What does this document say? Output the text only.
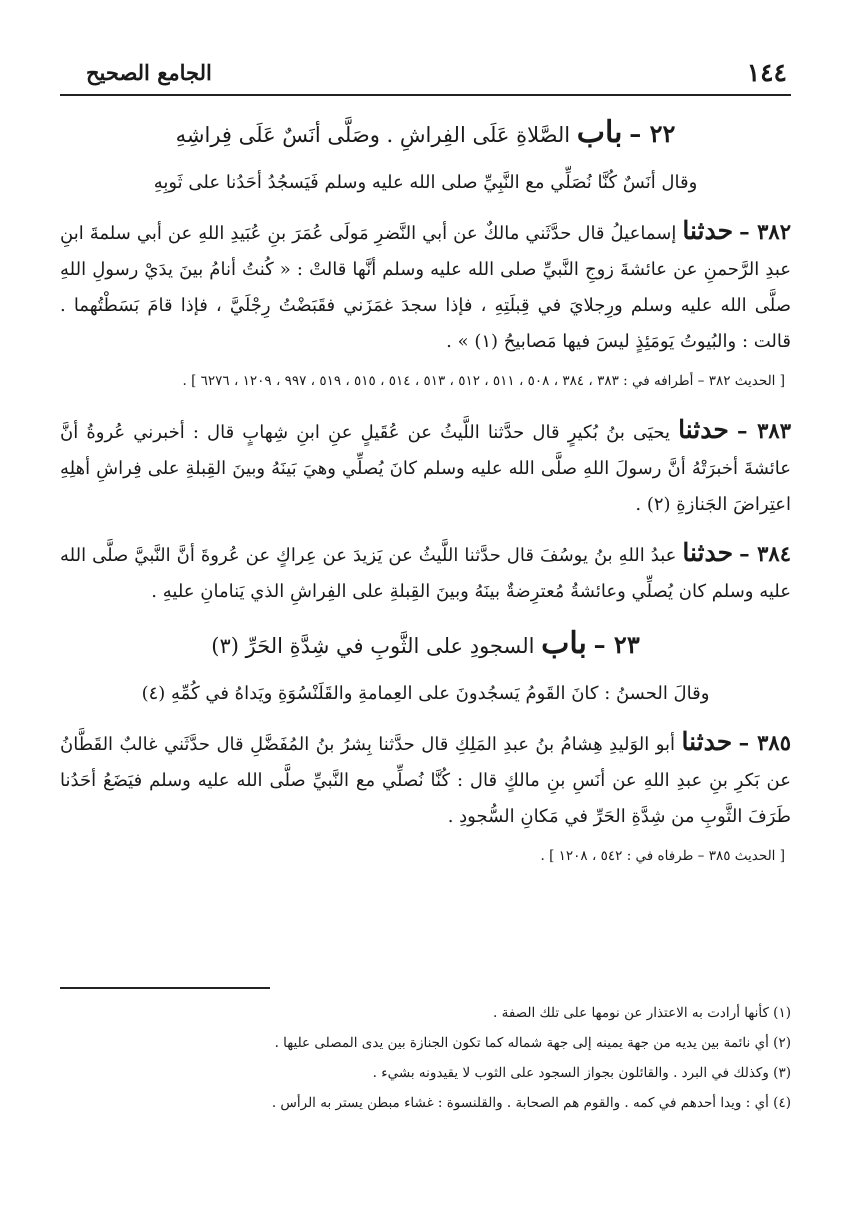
١٤٤
الجامع الصحيح
٢٢ – باب الصَّلاةِ عَلَى الفِراشِ . وصَلَّى أنَسٌ عَلَى فِراشِهِ
وقال أنَسٌ كُنَّا نُصَلِّي مع النَّبِيِّ صلى الله عليه وسلم فَيَسجُدُ أحَدُنا على ثَوبِهِ
٣٨٢ – حدثنا إسماعيلُ قال حدَّثَني مالكٌ عن أبي النَّضرِ مَولَى عُمَرَ بنِ عُبَيدِ اللهِ عن أبي سلمةَ ابنِ عبدِ الرَّحمنِ عن عائشةَ زوجِ النَّبيِّ صلى الله عليه وسلم أنَّها قالتْ : « كُنتُ أنامُ بينَ يدَيْ رسولِ اللهِ صلَّى الله عليه وسلم ورِجلايَ في قِبلَتِهِ ، فإذا سجدَ غمَزَني فقَبَضْتُ رِجْلَيَّ ، فإذا قامَ بَسَطْتُهما . قالت : والبُيوتُ يَومَئِذٍ ليسَ فيها مَصابيحُ (١) » .
[ الحديث ٣٨٢ – أطرافه في : ٣٨٣ ، ٣٨٤ ، ٥٠٨ ، ٥١١ ، ٥١٢ ، ٥١٣ ، ٥١٤ ، ٥١٥ ، ٥١٩ ، ٩٩٧ ، ١٢٠٩ ، ٦٢٧٦ ] .
٣٨٣ – حدثنا يحيَى بنُ بُكيرٍ قال حدَّثنا اللَّيثُ عن عُقَيلٍ عنِ ابنِ شِهابٍ قال : أخبرني عُروةُ أنَّ عائشةَ أخبرَتْهُ أنَّ رسولَ اللهِ صلَّى الله عليه وسلم كانَ يُصلِّي وهيَ بَينَهُ وبينَ القِبلةِ على فِراشِ أهلِهِ اعتِراضَ الجَنازةِ (٢) .
٣٨٤ – حدثنا عبدُ اللهِ بنُ يوسُفَ قال حدَّثنا اللَّيثُ عن يَزيدَ عن عِراكٍ عن عُروةَ أنَّ النَّبيَّ صلَّى الله عليه وسلم كان يُصلِّي وعائشةُ مُعترِضةٌ بينَهُ وبينَ القِبلةِ على الفِراشِ الذي يَنامانِ عليهِ .
٢٣ – باب السجودِ على الثَّوبِ في شِدَّةِ الحَرِّ (٣)
وقالَ الحسنُ : كانَ القَومُ يَسجُدونَ على العِمامةِ والقَلَنْسُوَةِ ويَداهُ في كُمِّهِ (٤)
٣٨٥ – حدثنا أبو الوَليدِ هِشامُ بنُ عبدِ المَلِكِ قال حدَّثنا بِشرُ بنُ المُفَضَّلِ قال حدَّثَني غالبٌ القَطَّانُ عن بَكرِ بنِ عبدِ اللهِ عن أنَسِ بنِ مالكٍ قال : كُنَّا نُصلِّي مع النَّبيِّ صلَّى الله عليه وسلم فيَضَعُ أحَدُنا طَرَفَ الثَّوبِ من شِدَّةِ الحَرِّ في مَكانِ السُّجودِ .
[ الحديث ٣٨٥ – طرفاه في : ٥٤٢ ، ١٢٠٨ ] .
(١) كأنها أرادت به الاعتذار عن نومها على تلك الصفة .
(٢) أي نائمة بين يديه من جهة يمينه إلى جهة شماله كما تكون الجنازة بين يدى المصلى عليها .
(٣) وكذلك في البرد . والقائلون بجواز السجود على الثوب لا يقيدونه بشيء .
(٤) أي : ويدا أحدهم في كمه . والقوم هم الصحابة . والقلنسوة : غشاء مبطن يستر به الرأس .
